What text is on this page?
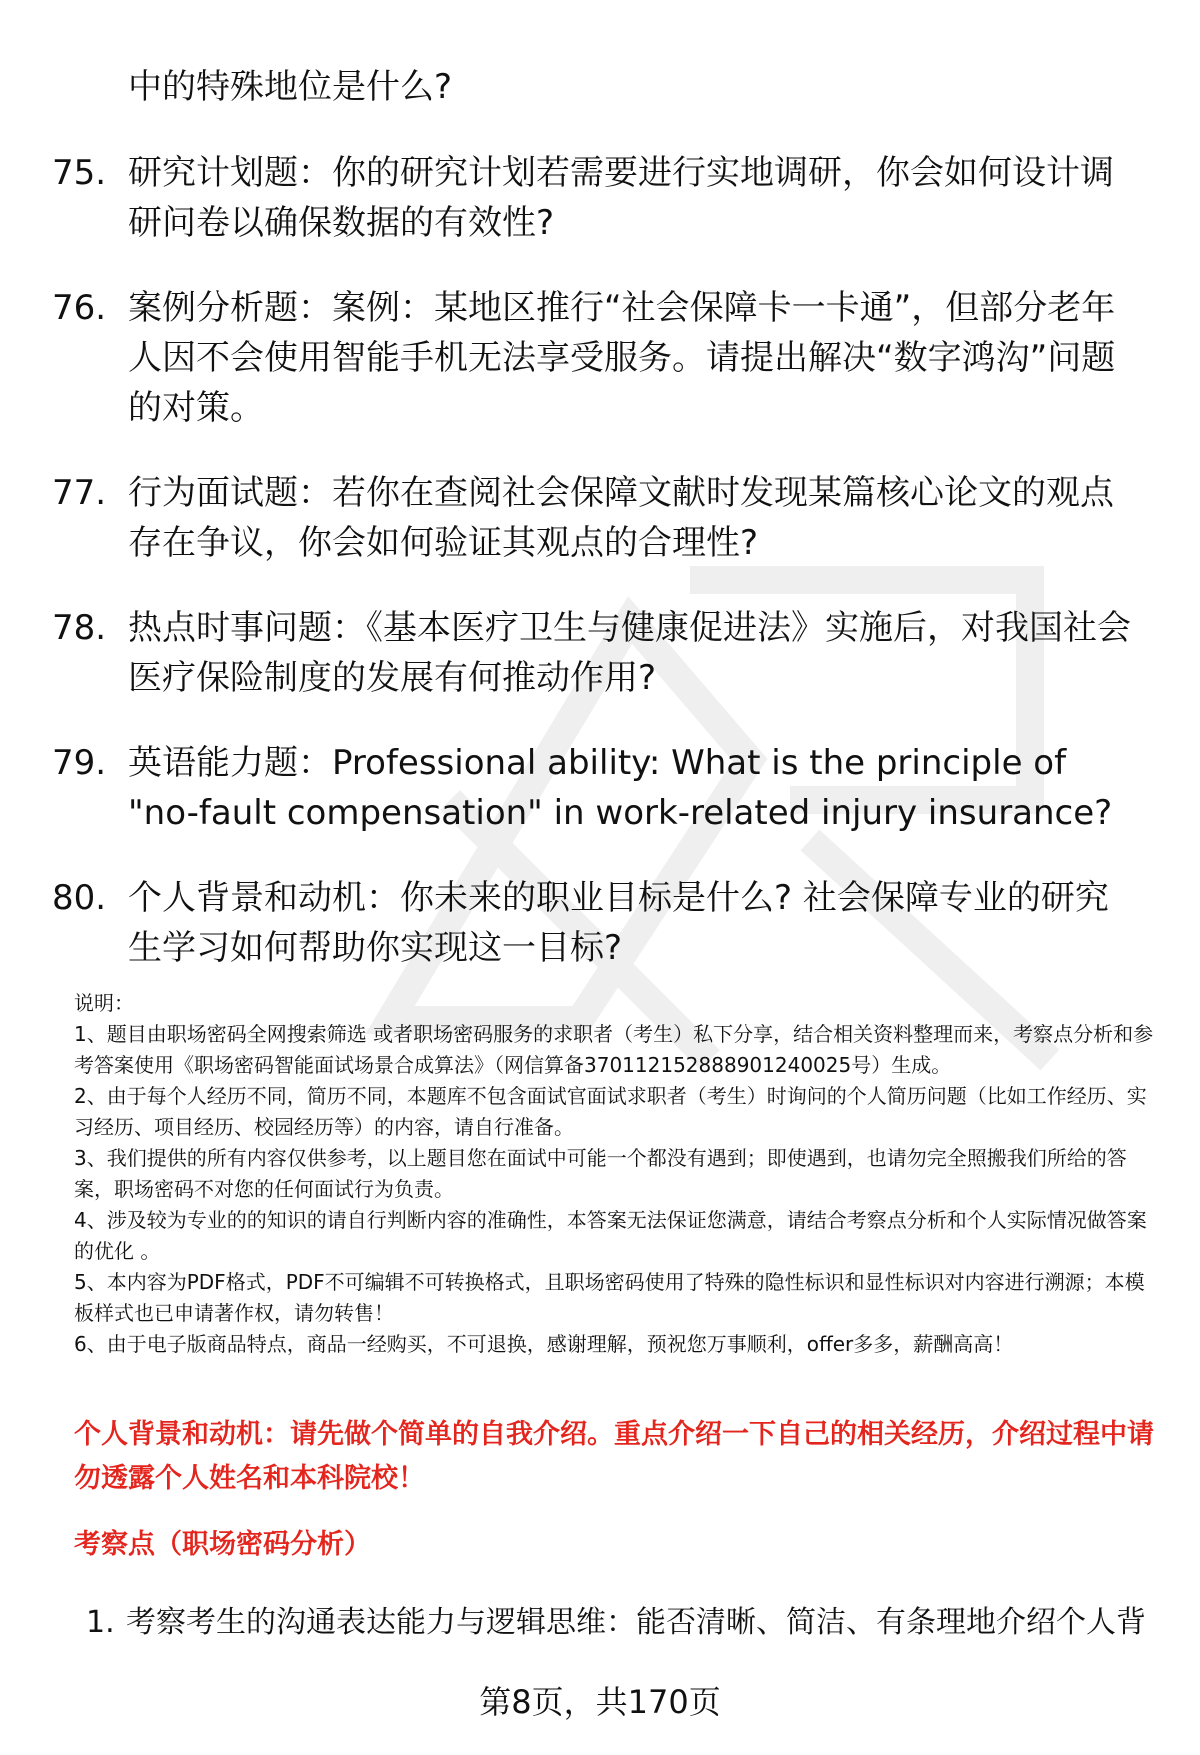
中的特殊地位是什么?
75. 研究计划题：你的研究计划若需要进行实地调研，你会如何设计调研问卷以确保数据的有效性?
76. 案例分析题：案例：某地区推行“社会保障卡一卡通”，但部分老年人因不会使用智能手机无法享受服务。请提出解决“数字鸿沟”问题的对策。
77. 行为面试题：若你在查阅社会保障文献时发现某篇核心论文的观点存在争议，你会如何验证其观点的合理性?
78. 热点时事问题：《基本医疗卫生与健康促进法》实施后，对我国社会医疗保险制度的发展有何推动作用?
79. 英语能力题：Professional ability: What is the principle of "no-fault compensation" in work-related injury insurance?
80. 个人背景和动机：你未来的职业目标是什么? 社会保障专业的研究生学习如何帮助你实现这一目标?

说明：

1、题目由职场密码全网搜索筛选 或者职场密码服务的求职者（考生）私下分享，结合相关资料整理而来，考察点分析和参考答案使用《职场密码智能面试场景合成算法》（网信算备370112152888901240025号）生成。

2、由于每个人经历不同，简历不同，本题库不包含面试官面试求职者（考生）时询问的个人简历问题（比如工作经历、实习经历、项目经历、校园经历等）的内容，请自行准备。

3、我们提供的所有内容仅供参考，以上题目您在面试中可能一个都没有遇到；即使遇到，也请勿完全照搬我们所给的答案，职场密码不对您的任何面试行为负责。

4、涉及较为专业的的知识的请自行判断内容的准确性，本答案无法保证您满意，请结合考察点分析和个人实际情况做答案的优化 。

5、本内容为PDF格式，PDF不可编辑不可转换格式，且职场密码使用了特殊的隐性标识和显性标识对内容进行溯源；本模板样式也已申请著作权，请勿转售！

6、由于电子版商品特点，商品一经购买，不可退换，感谢理解，预祝您万事顺利，offer多多，薪酬高高！

个人背景和动机：请先做个简单的自我介绍。重点介绍一下自己的相关经历，介绍过程中请勿透露个人姓名和本科院校！
考察点（职场密码分析）
1. 考察考生的沟通表达能力与逻辑思维：能否清晰、简洁、有条理地介绍个人背
第8页，共170页
